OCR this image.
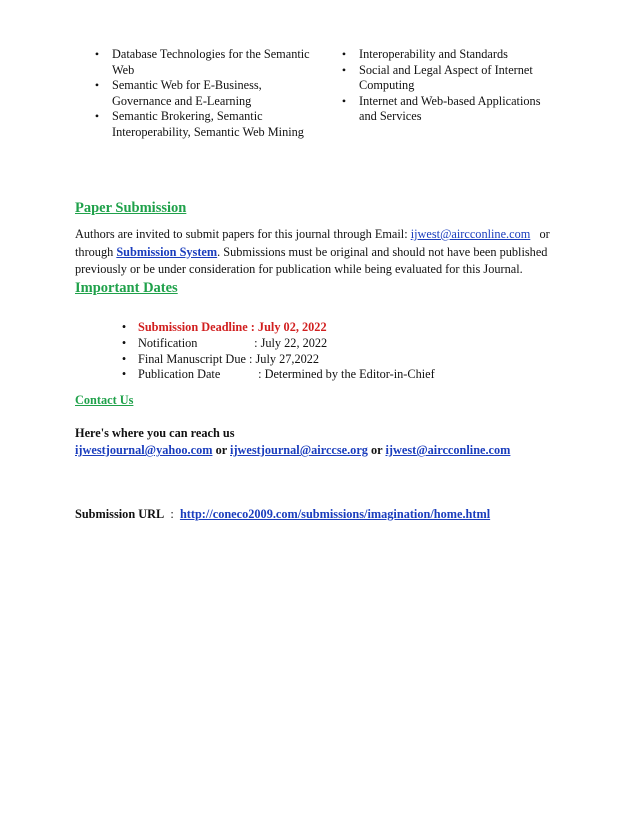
•	Database Technologies for the Semantic Web

•	Semantic Web for E-Business, Governance and E-Learning

•	Semantic Brokering, Semantic Interoperability, Semantic Web Mining

•	Interoperability and Standards

•	Social and Legal Aspect of Internet Computing

•	Internet and Web-based Applications and Services

Paper Submission
Authors are invited to submit papers for this journal through Email: ijwest@aircconline.com or through Submission System. Submissions must be original and should not have been published previously or be under consideration for publication while being evaluated for this Journal.
Important Dates
• Submission Deadline : July 02, 2022
• Notification	: July 22, 2022
• Final Manuscript Due : July 27,2022
• Publication Date	: Determined by the Editor-in-Chief
Contact Us
Here's where you can reach us
ijwestjournal@yahoo.com or ijwestjournal@airccse.org or ijwest@aircconline.com
Submission URL : http://coneco2009.com/submissions/imagination/home.html
